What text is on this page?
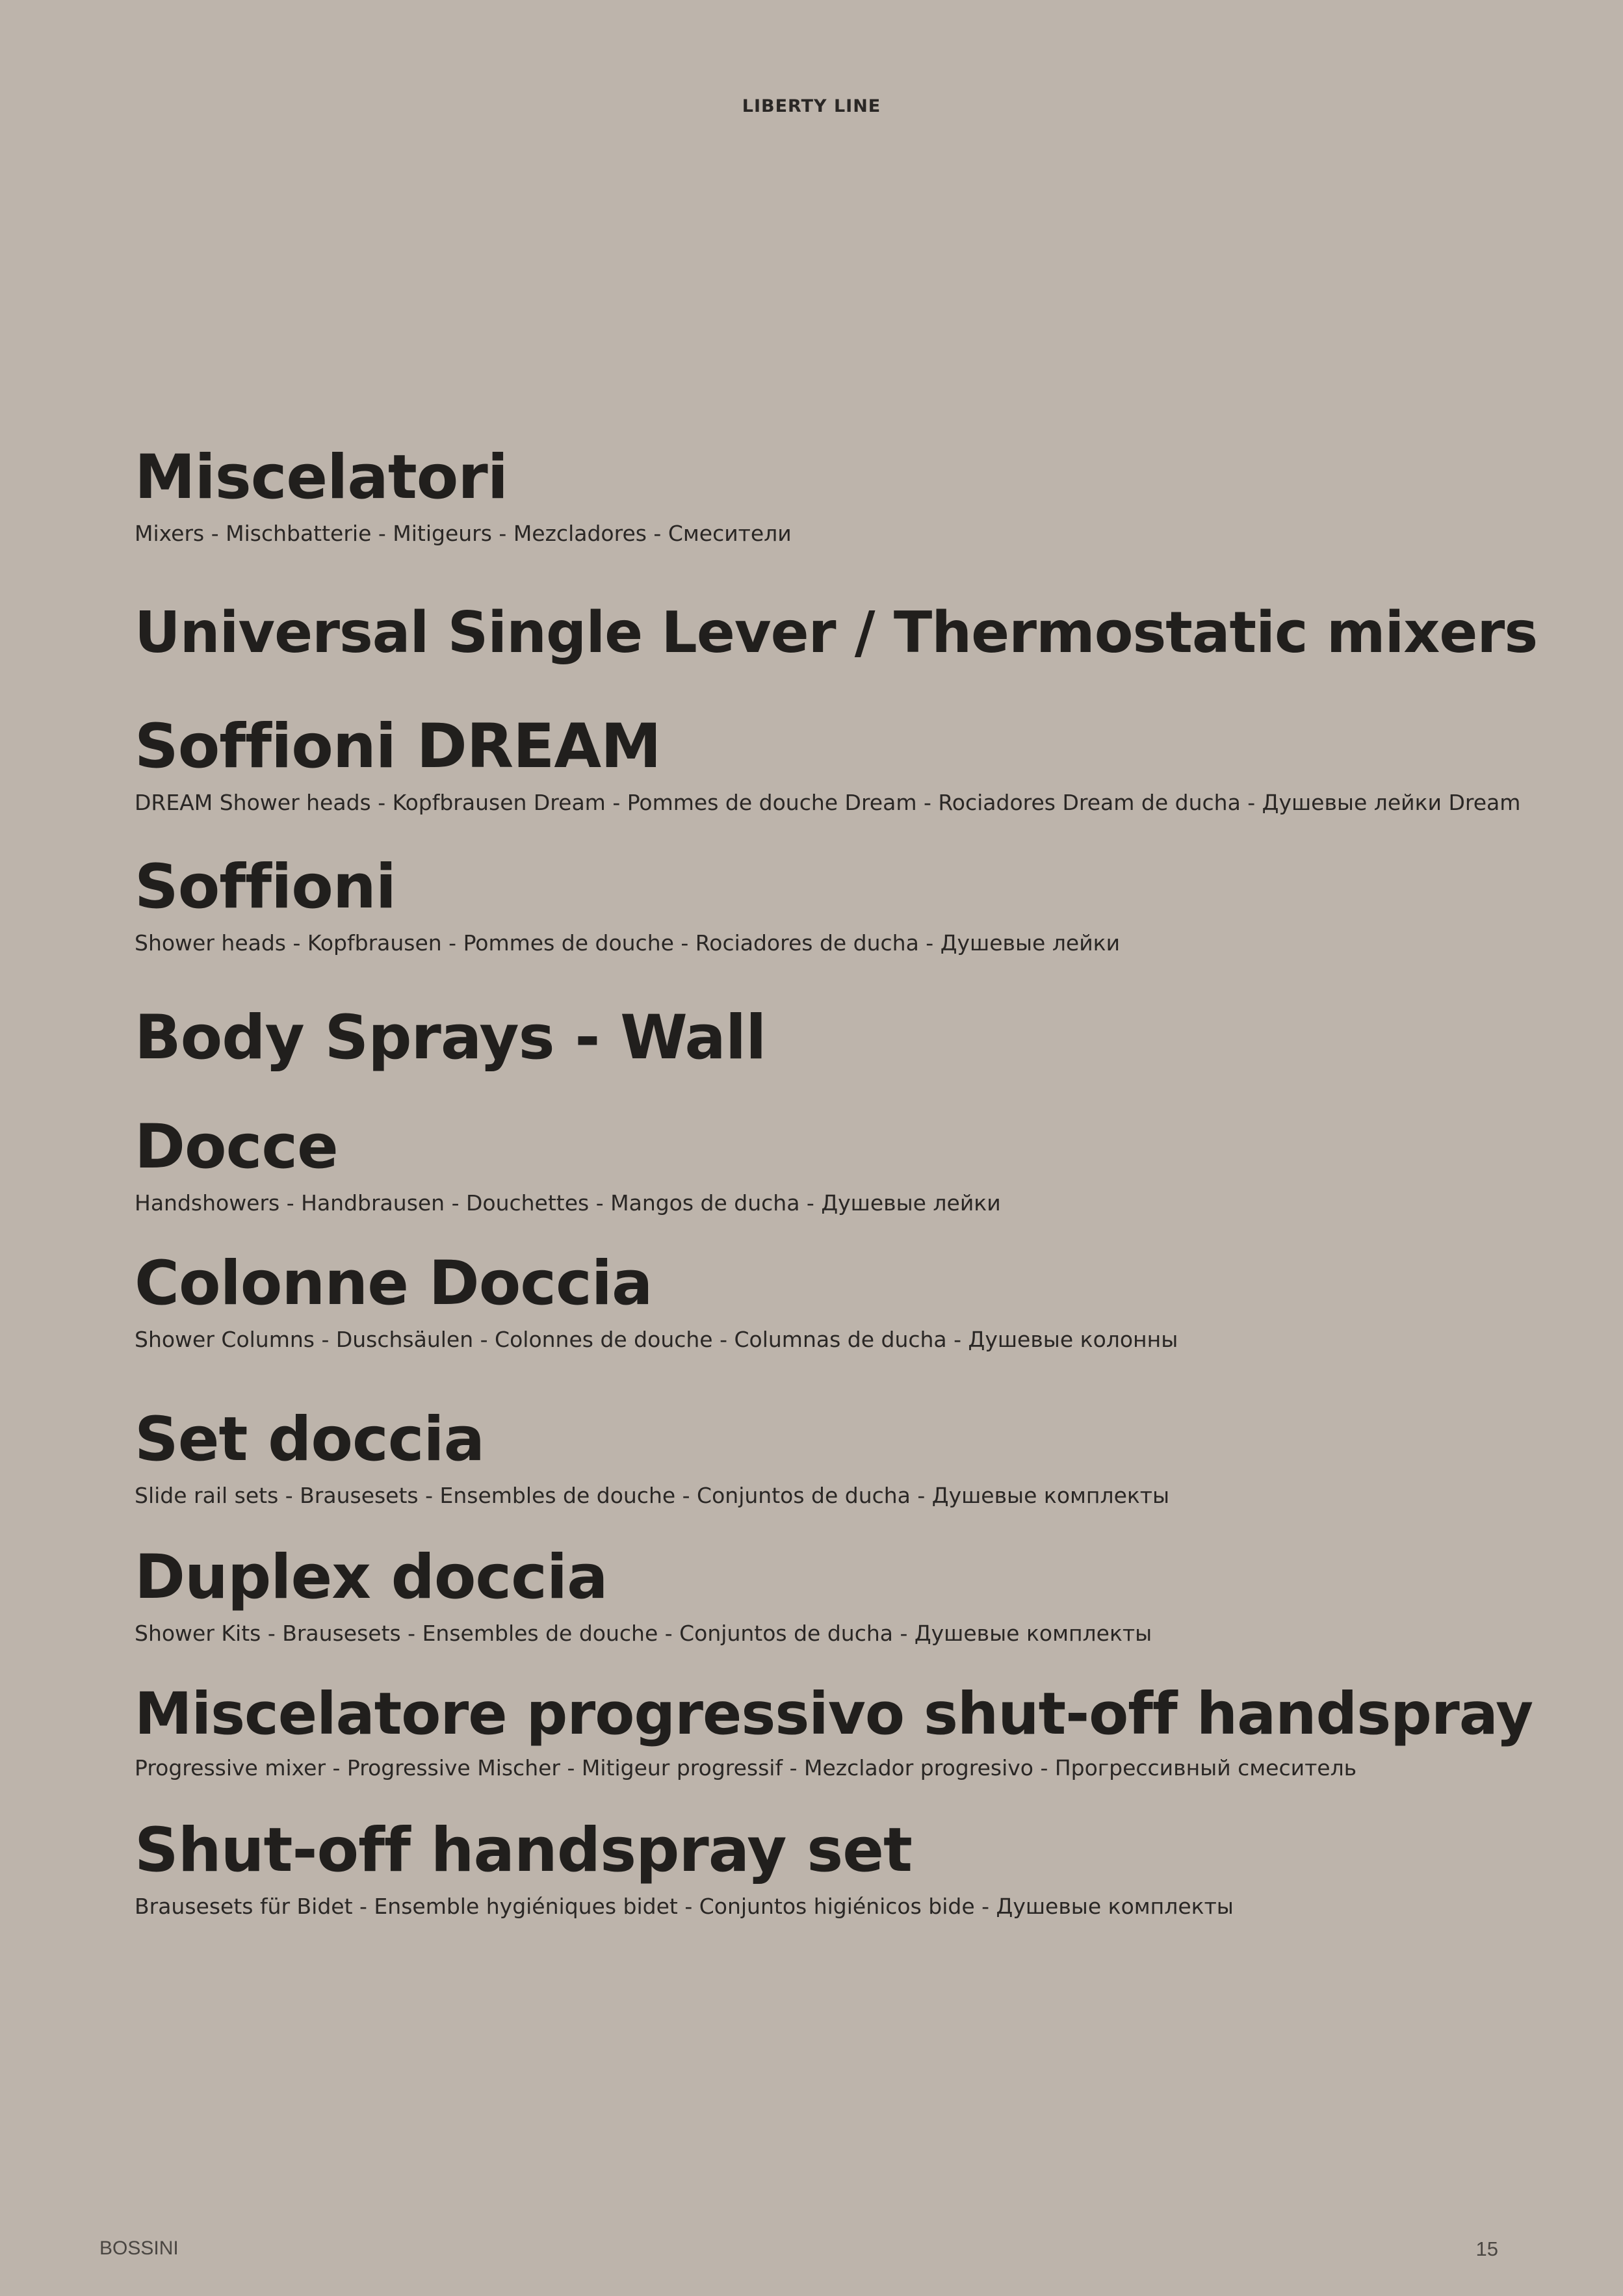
LIBERTY LINE
Miscelatori
Mixers - Mischbatterie - Mitigeurs - Mezcladores - Смесители
Universal Single Lever / Thermostatic mixers
Soffioni DREAM
DREAM Shower heads - Kopfbrausen Dream - Pommes de douche Dream - Rociadores Dream de ducha - Душевые лейки Dream
Soffioni
Shower heads - Kopfbrausen - Pommes de douche - Rociadores de ducha - Душевые лейки
Body Sprays - Wall
Docce
Handshowers - Handbrausen - Douchettes - Mangos de ducha - Душевые лейки
Colonne Doccia
Shower Columns - Duschsäulen - Colonnes de douche - Columnas de ducha - Душевые колонны
Set doccia
Slide rail sets - Brausesets - Ensembles de douche - Conjuntos de ducha - Душевые комплекты
Duplex doccia
Shower Kits - Brausesets - Ensembles de douche - Conjuntos de ducha - Душевые комплекты
Miscelatore progressivo shut-off handspray
Progressive mixer - Progressive Mischer - Mitigeur progressif - Mezclador progresivo - Прогрессивный смеситель
Shut-off handspray set
Brausesets für Bidet - Ensemble hygiéniques bidet - Conjuntos higiénicos bide - Душевые комплекты
BOSSINI	15
